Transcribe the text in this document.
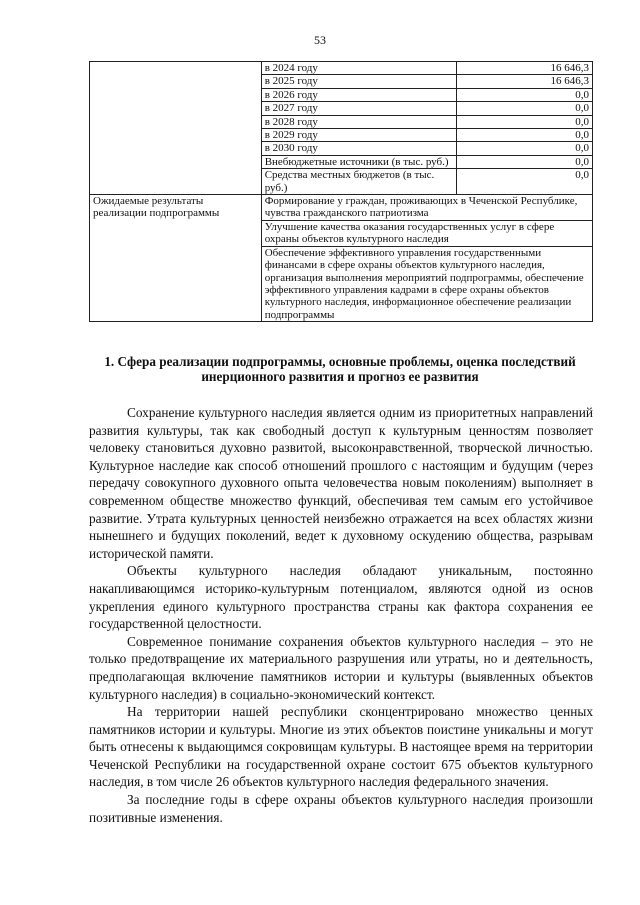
53
	в 2024 году	16 646,3
	в 2025 году	16 646,3
	в 2026 году	0,0
	в 2027 году	0,0
	в 2028 году	0,0
	в 2029 году	0,0
	в 2030 году	0,0
	Внебюджетные источники (в тыс. руб.)	0,0
	Средства местных бюджетов (в тыс. руб.)	0,0
Ожидаемые результаты реализации подпрограммы	Формирование у граждан, проживающих в Чеченской Республике, чувства гражданского патриотизма	
	Улучшение качества оказания государственных услуг в сфере охраны объектов культурного наследия	
	Обеспечение эффективного управления государственными финансами в сфере охраны объектов культурного наследия, организация выполнения мероприятий подпрограммы, обеспечение эффективного управления кадрами в сфере охраны объектов культурного наследия, информационное обеспечение реализации подпрограммы	
1. Сфера реализации подпрограммы, основные проблемы, оценка последствий инерционного развития и прогноз ее развития

Сохранение культурного наследия является одним из приоритетных направлений развития культуры, так как свободный доступ к культурным ценностям позволяет человеку становиться духовно развитой, высоконравственной, творческой личностью. Культурное наследие как способ отношений прошлого с настоящим и будущим (через передачу совокупного духовного опыта человечества новым поколениям) выполняет в современном обществе множество функций, обеспечивая тем самым его устойчивое развитие. Утрата культурных ценностей неизбежно отражается на всех областях жизни нынешнего и будущих поколений, ведет к духовному оскудению общества, разрывам исторической памяти.

Объекты культурного наследия обладают уникальным, постоянно накапливающимся историко-культурным потенциалом, являются одной из основ укрепления единого культурного пространства страны как фактора сохранения ее государственной целостности.

Современное понимание сохранения объектов культурного наследия – это не только предотвращение их материального разрушения или утраты, но и деятельность, предполагающая включение памятников истории и культуры (выявленных объектов культурного наследия) в социально-экономический контекст.

На территории нашей республики сконцентрировано множество ценных памятников истории и культуры. Многие из этих объектов поистине уникальны и могут быть отнесены к выдающимся сокровищам культуры. В настоящее время на территории Чеченской Республики на государственной охране состоит 675 объектов культурного наследия, в том числе 26 объектов культурного наследия федерального значения.

За последние годы в сфере охраны объектов культурного наследия произошли позитивные изменения.
